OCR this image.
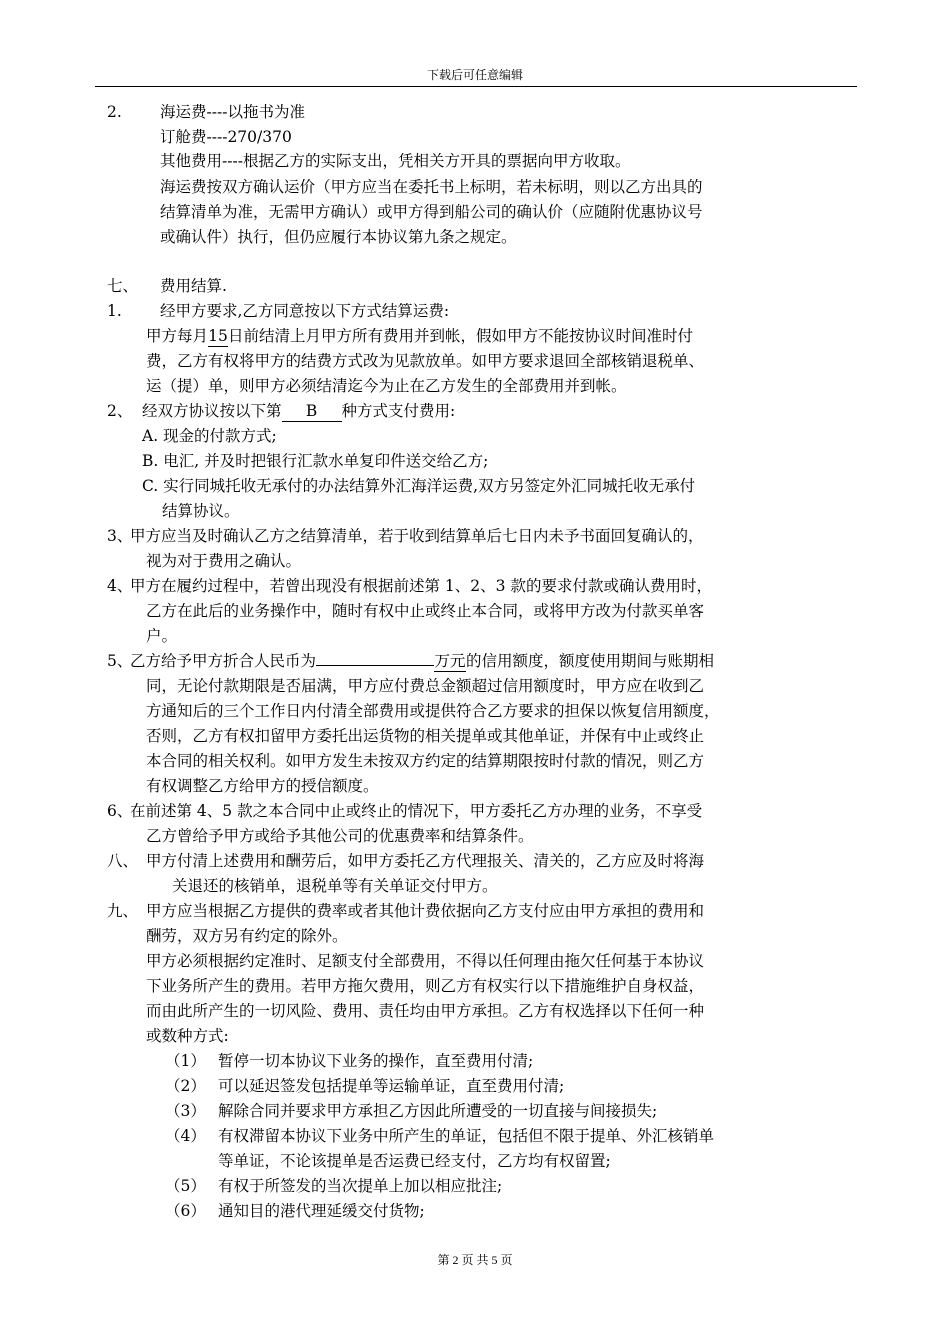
下载后可任意编辑
2. 海运费----以拖书为准
订舱费----270/370
其他费用----根据乙方的实际支出，凭相关方开具的票据向甲方收取。
海运费按双方确认运价（甲方应当在委托书上标明，若未标明，则以乙方出具的
结算清单为准，无需甲方确认）或甲方得到船公司的确认价（应随附优惠协议号
或确认件）执行，但仍应履行本协议第九条之规定。
七、 费用结算.
1. 经甲方要求,乙方同意按以下方式结算运费:
甲方每月15日前结清上月甲方所有费用并到帐，假如甲方不能按协议时间准时付
费，乙方有权将甲方的结费方式改为见款放单。如甲方要求退回全部核销退税单、
运（提）单，则甲方必须结清迄今为止在乙方发生的全部费用并到帐。
2、 经双方协议按以下第 B 种方式支付费用:
A. 现金的付款方式;
B. 电汇, 并及时把银行汇款水单复印件送交给乙方;
C. 实行同城托收无承付的办法结算外汇海洋运费,双方另签定外汇同城托收无承付
结算协议。
3、
甲方应当及时确认乙方之结算清单，若于收到结算单后七日内未予书面回复确认的，
视为对于费用之确认。
4、
甲方在履约过程中，若曾出现没有根据前述第 1、2、3 款的要求付款或确认费用时，
乙方在此后的业务操作中，随时有权中止或终止本合同，或将甲方改为付款买单客
户。
5、
乙方给予甲方折合人民币为	万元的信用额度，额度使用期间与账期相
同，无论付款期限是否届满，甲方应付费总金额超过信用额度时，甲方应在收到乙
方通知后的三个工作日内付清全部费用或提供符合乙方要求的担保以恢复信用额度，
否则，乙方有权扣留甲方委托出运货物的相关提单或其他单证，并保有中止或终止
本合同的相关权利。如甲方发生未按双方约定的结算期限按时付款的情况，则乙方
有权调整乙方给甲方的授信额度。
6、
在前述第 4、5 款之本合同中止或终止的情况下，甲方委托乙方办理的业务，不享受
乙方曾给予甲方或给予其他公司的优惠费率和结算条件。
八、 甲方付清上述费用和酬劳后，如甲方委托乙方代理报关、清关的，乙方应及时将海
关退还的核销单，退税单等有关单证交付甲方。
九、 甲方应当根据乙方提供的费率或者其他计费依据向乙方支付应由甲方承担的费用和
酬劳，双方另有约定的除外。
甲方必须根据约定准时、足额支付全部费用，不得以任何理由拖欠任何基于本协议
下业务所产生的费用。若甲方拖欠费用，则乙方有权实行以下措施维护自身权益，
而由此所产生的一切风险、费用、责任均由甲方承担。乙方有权选择以下任何一种
或数种方式:
（1） 暂停一切本协议下业务的操作，直至费用付清;
（2） 可以延迟签发包括提单等运输单证，直至费用付清;
（3） 解除合同并要求甲方承担乙方因此所遭受的一切直接与间接损失;
（4） 有权滞留本协议下业务中所产生的单证，包括但不限于提单、外汇核销单
等单证，不论该提单是否运费已经支付，乙方均有权留置;
（5） 有权于所签发的当次提单上加以相应批注;
（6） 通知目的港代理延缓交付货物;
第 2 页 共 5 页
